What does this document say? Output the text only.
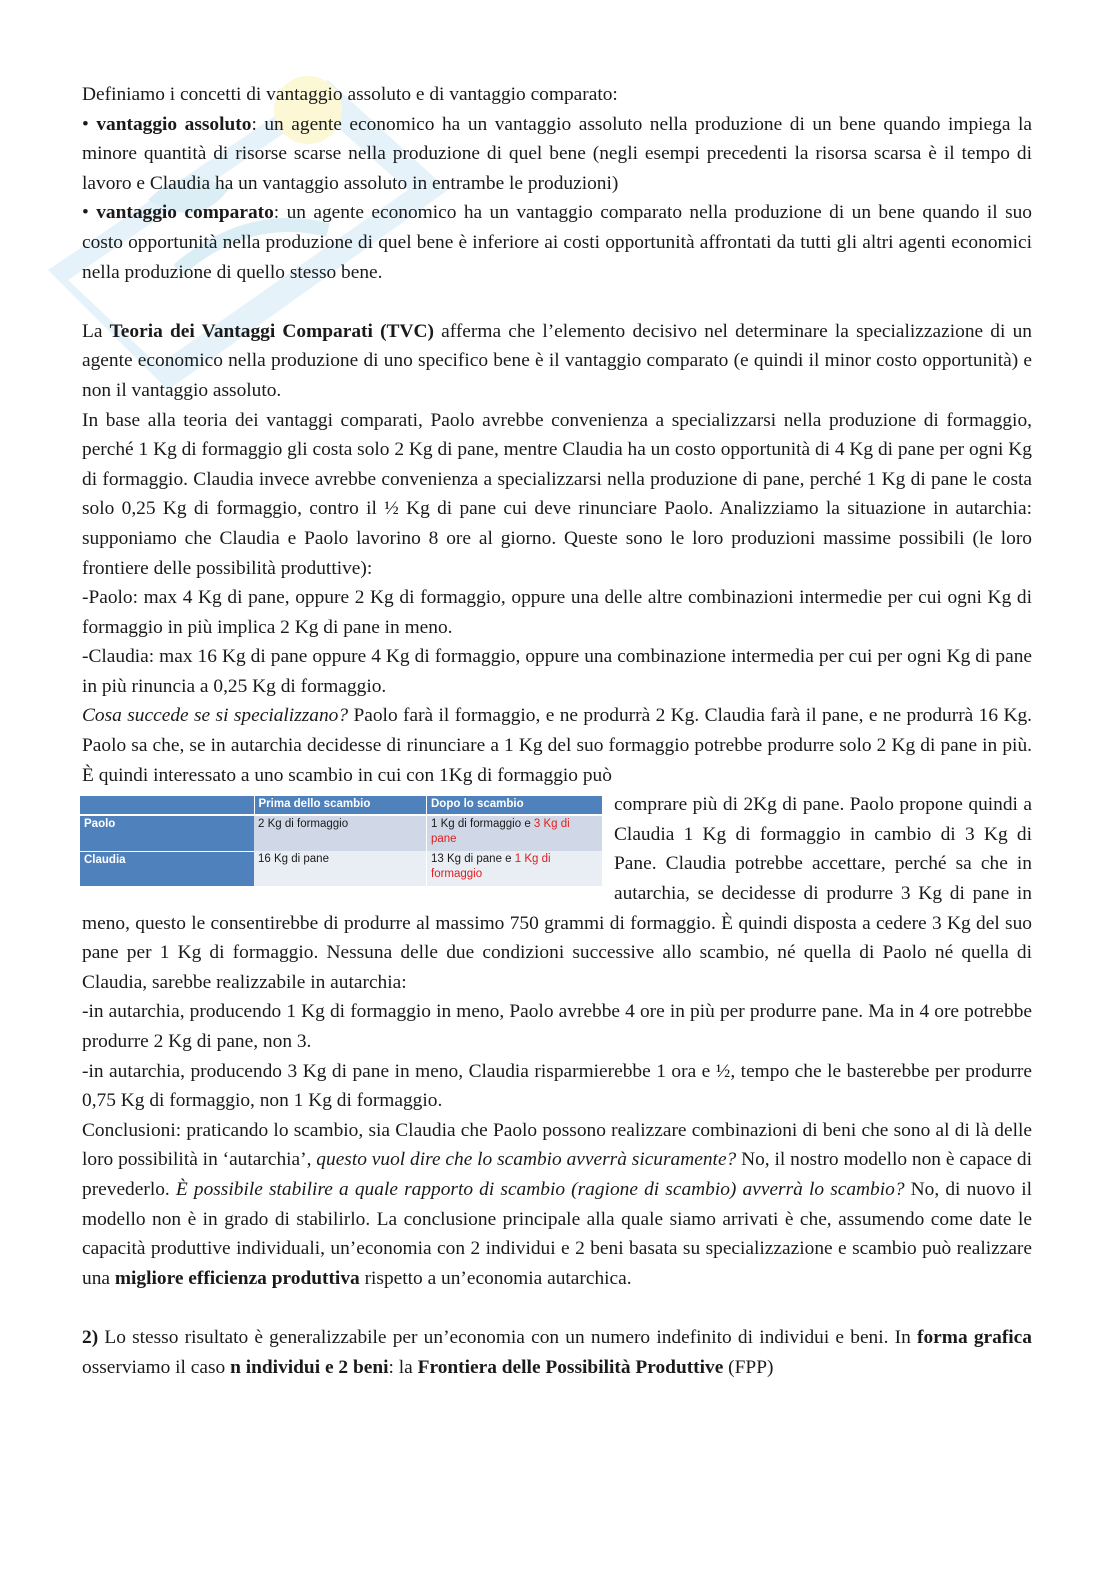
Definiamo i concetti di vantaggio assoluto e di vantaggio comparato:

• vantaggio assoluto: un agente economico ha un vantaggio assoluto nella produzione di un bene quando impiega la minore quantità di risorse scarse nella produzione di quel bene (negli esempi precedenti la risorsa scarsa è il tempo di lavoro e Claudia ha un vantaggio assoluto in entrambe le produzioni)

• vantaggio comparato: un agente economico ha un vantaggio comparato nella produzione di un bene quando il suo costo opportunità nella produzione di quel bene è inferiore ai costi opportunità affrontati da tutti gli altri agenti economici nella produzione di quello stesso bene.

La Teoria dei Vantaggi Comparati (TVC) afferma che l’elemento decisivo nel determinare la specializzazione di un agente economico nella produzione di uno specifico bene è il vantaggio comparato (e quindi il minor costo opportunità) e non il vantaggio assoluto.

In base alla teoria dei vantaggi comparati, Paolo avrebbe convenienza a specializzarsi nella produzione di formaggio, perché 1 Kg di formaggio gli costa solo 2 Kg di pane, mentre Claudia ha un costo opportunità di 4 Kg di pane per ogni Kg di formaggio. Claudia invece avrebbe convenienza a specializzarsi nella produzione di pane, perché 1 Kg di pane le costa solo 0,25 Kg di formaggio, contro il ½ Kg di pane cui deve rinunciare Paolo. Analizziamo la situazione in autarchia: supponiamo che Claudia e Paolo lavorino 8 ore al giorno. Queste sono le loro produzioni massime possibili (le loro frontiere delle possibilità produttive):

-Paolo: max 4 Kg di pane, oppure 2 Kg di formaggio, oppure una delle altre combinazioni intermedie per cui ogni Kg di formaggio in più implica 2 Kg di pane in meno.

-Claudia: max 16 Kg di pane oppure 4 Kg di formaggio, oppure una combinazione intermedia per cui per ogni Kg di pane in più rinuncia a 0,25 Kg di formaggio.

Cosa succede se si specializzano? Paolo farà il formaggio, e ne produrrà 2 Kg. Claudia farà il pane, e ne produrrà 16 Kg. Paolo sa che, se in autarchia decidesse di rinunciare a 1 Kg del suo formaggio potrebbe produrre solo 2 Kg di pane in più. È quindi interessato a uno scambio in cui con 1Kg di formaggio può

	Prima dello scambio	Dopo lo scambio
Paolo	2 Kg di formaggio	1 Kg di formaggio e 3 Kg di pane
Claudia	16 Kg di pane	13 Kg di pane e 1 Kg di formaggio

comprare più di 2Kg di pane. Paolo propone quindi a Claudia 1 Kg di formaggio in cambio di 3 Kg di Pane. Claudia potrebbe accettare, perché sa che in autarchia, se decidesse di produrre 3 Kg di pane in meno, questo le consentirebbe di produrre al massimo 750 grammi di formaggio. È quindi disposta a cedere 3 Kg del suo pane per 1 Kg di formaggio. Nessuna delle due condizioni successive allo scambio, né quella di Paolo né quella di Claudia, sarebbe realizzabile in autarchia:

-in autarchia, producendo 1 Kg di formaggio in meno, Paolo avrebbe 4 ore in più per produrre pane. Ma in 4 ore potrebbe produrre 2 Kg di pane, non 3.

-in autarchia, producendo 3 Kg di pane in meno, Claudia risparmierebbe 1 ora e ½, tempo che le basterebbe per produrre 0,75 Kg di formaggio, non 1 Kg di formaggio.

Conclusioni: praticando lo scambio, sia Claudia che Paolo possono realizzare combinazioni di beni che sono al di là delle loro possibilità in ‘autarchia’, questo vuol dire che lo scambio avverrà sicuramente? No, il nostro modello non è capace di prevederlo. È possibile stabilire a quale rapporto di scambio (ragione di scambio) avverrà lo scambio? No, di nuovo il modello non è in grado di stabilirlo. La conclusione principale alla quale siamo arrivati è che, assumendo come date le capacità produttive individuali, un’economia con 2 individui e 2 beni basata su specializzazione e scambio può realizzare una migliore efficienza produttiva rispetto a un’economia autarchica.

2) Lo stesso risultato è generalizzabile per un’economia con un numero indefinito di individui e beni. In forma grafica osserviamo il caso n individui e 2 beni: la Frontiera delle Possibilità Produttive (FPP)
